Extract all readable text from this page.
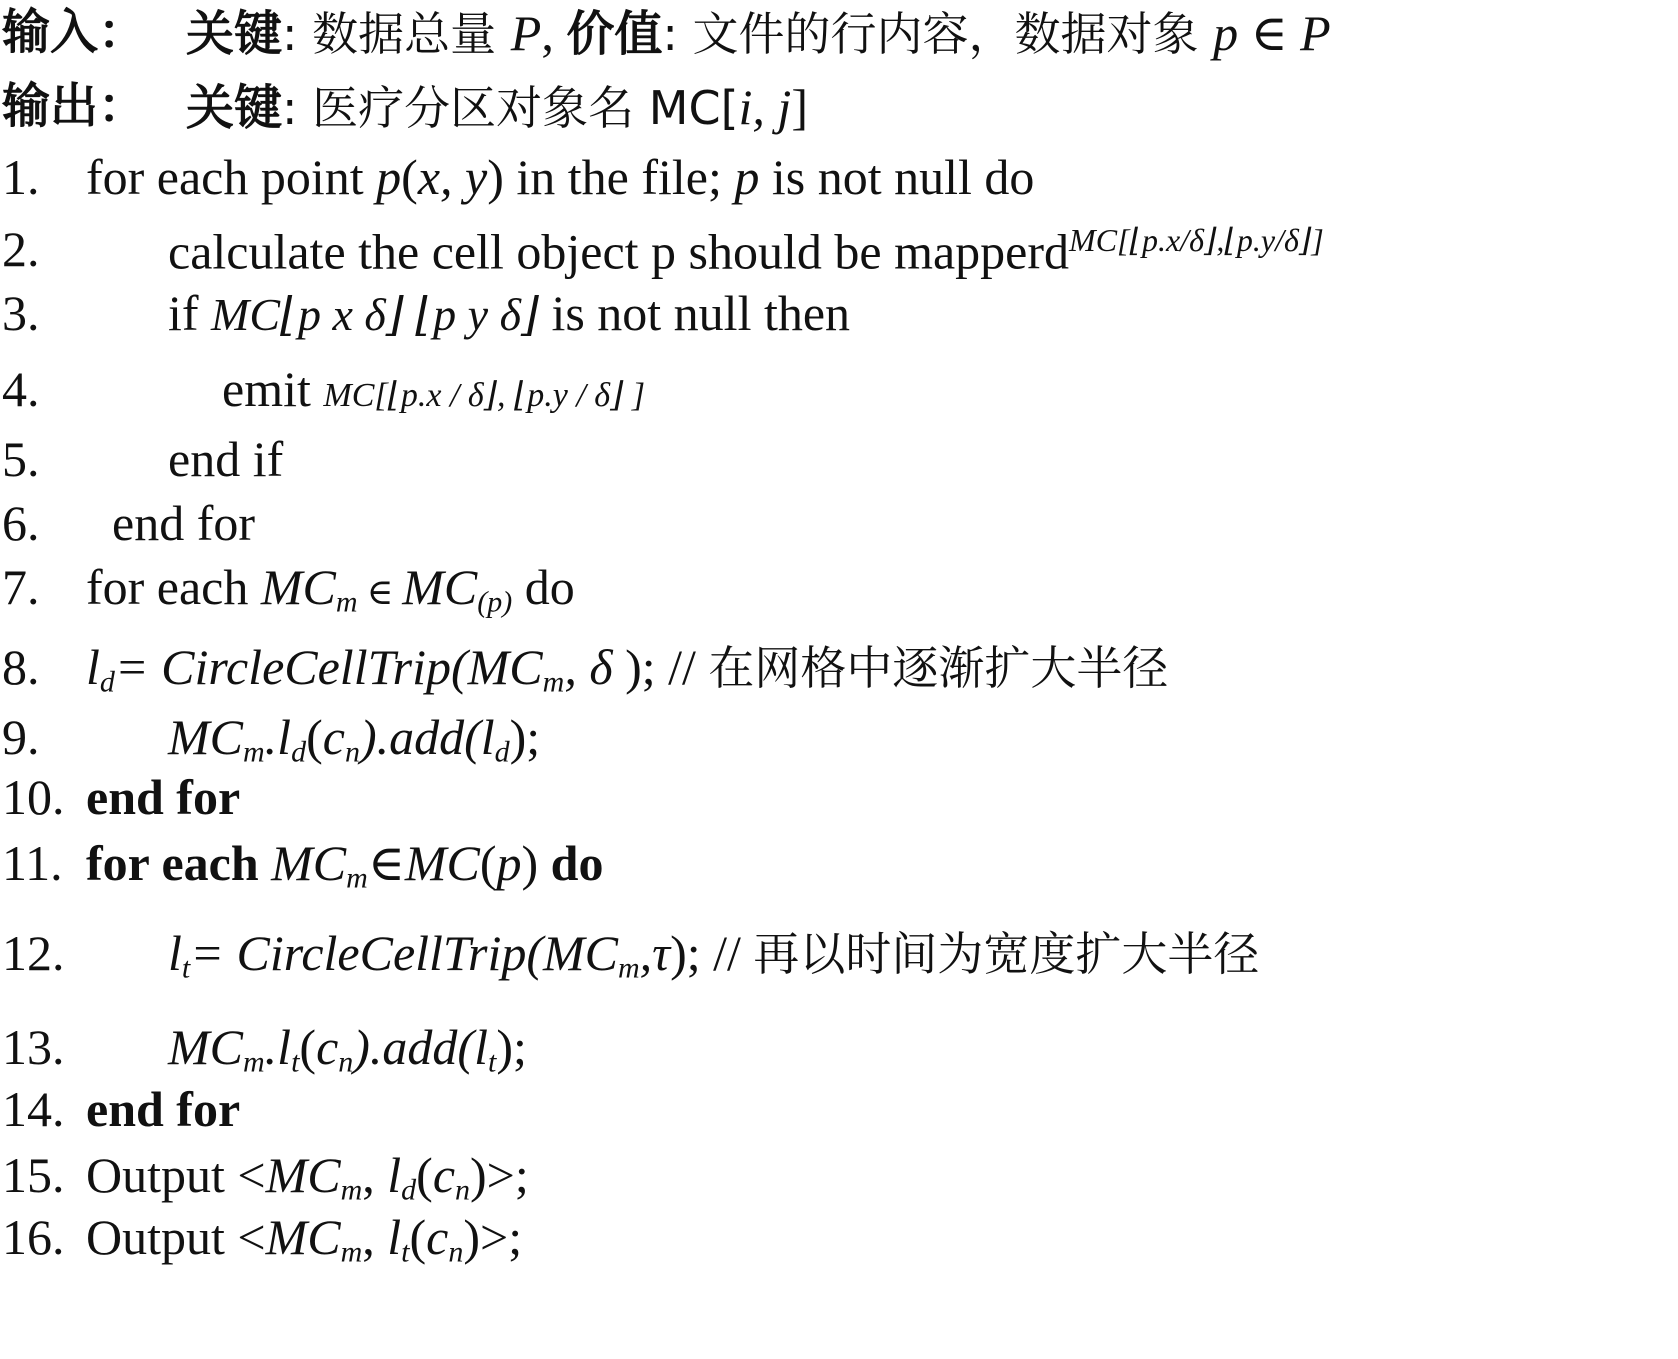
输入： 关键: 数据总量 P, 价值: 文件的行内容，数据对象 p ∈ P
输出： 关键: 医疗分区对象名 MC[i, j]
1. for each point p(x, y) in the file; p is not null do
2.	calculate the cell object p should be mapperd$^{MC[⌊p.x/\delta⌋,⌊p.y/\delta⌋]}$
3.	if MC⌊p x δ⌋ ⌊p y δ⌋ is not null then
4.	emit MC[⌊p.x / δ⌋, ⌊p.y / δ⌋ ]
5.	end if
6. end for
7. for each $MC_m$ ∈ $MC_{(p)}$ do
8. $l_d=$ $CircleCellTrip(MC_m$, δ ); // 在网格中逐渐扩大半径
9.	$MC_m.l_d(c_n).add(l_d)$;
10. end for
11. for each $MC_m\in MC(p)$ do
12. $l_t=$ $CircleCellTrip(MC_m,\tau)$; // 再以时间为宽度扩大半径
13. $MC_m.l_t(c_n).add(l_t)$;
14. end for
15. Output $<MC_m$, $l_d(c_n)>$;
16. Output $<MC_m$, $l_t(c_n)>$;
